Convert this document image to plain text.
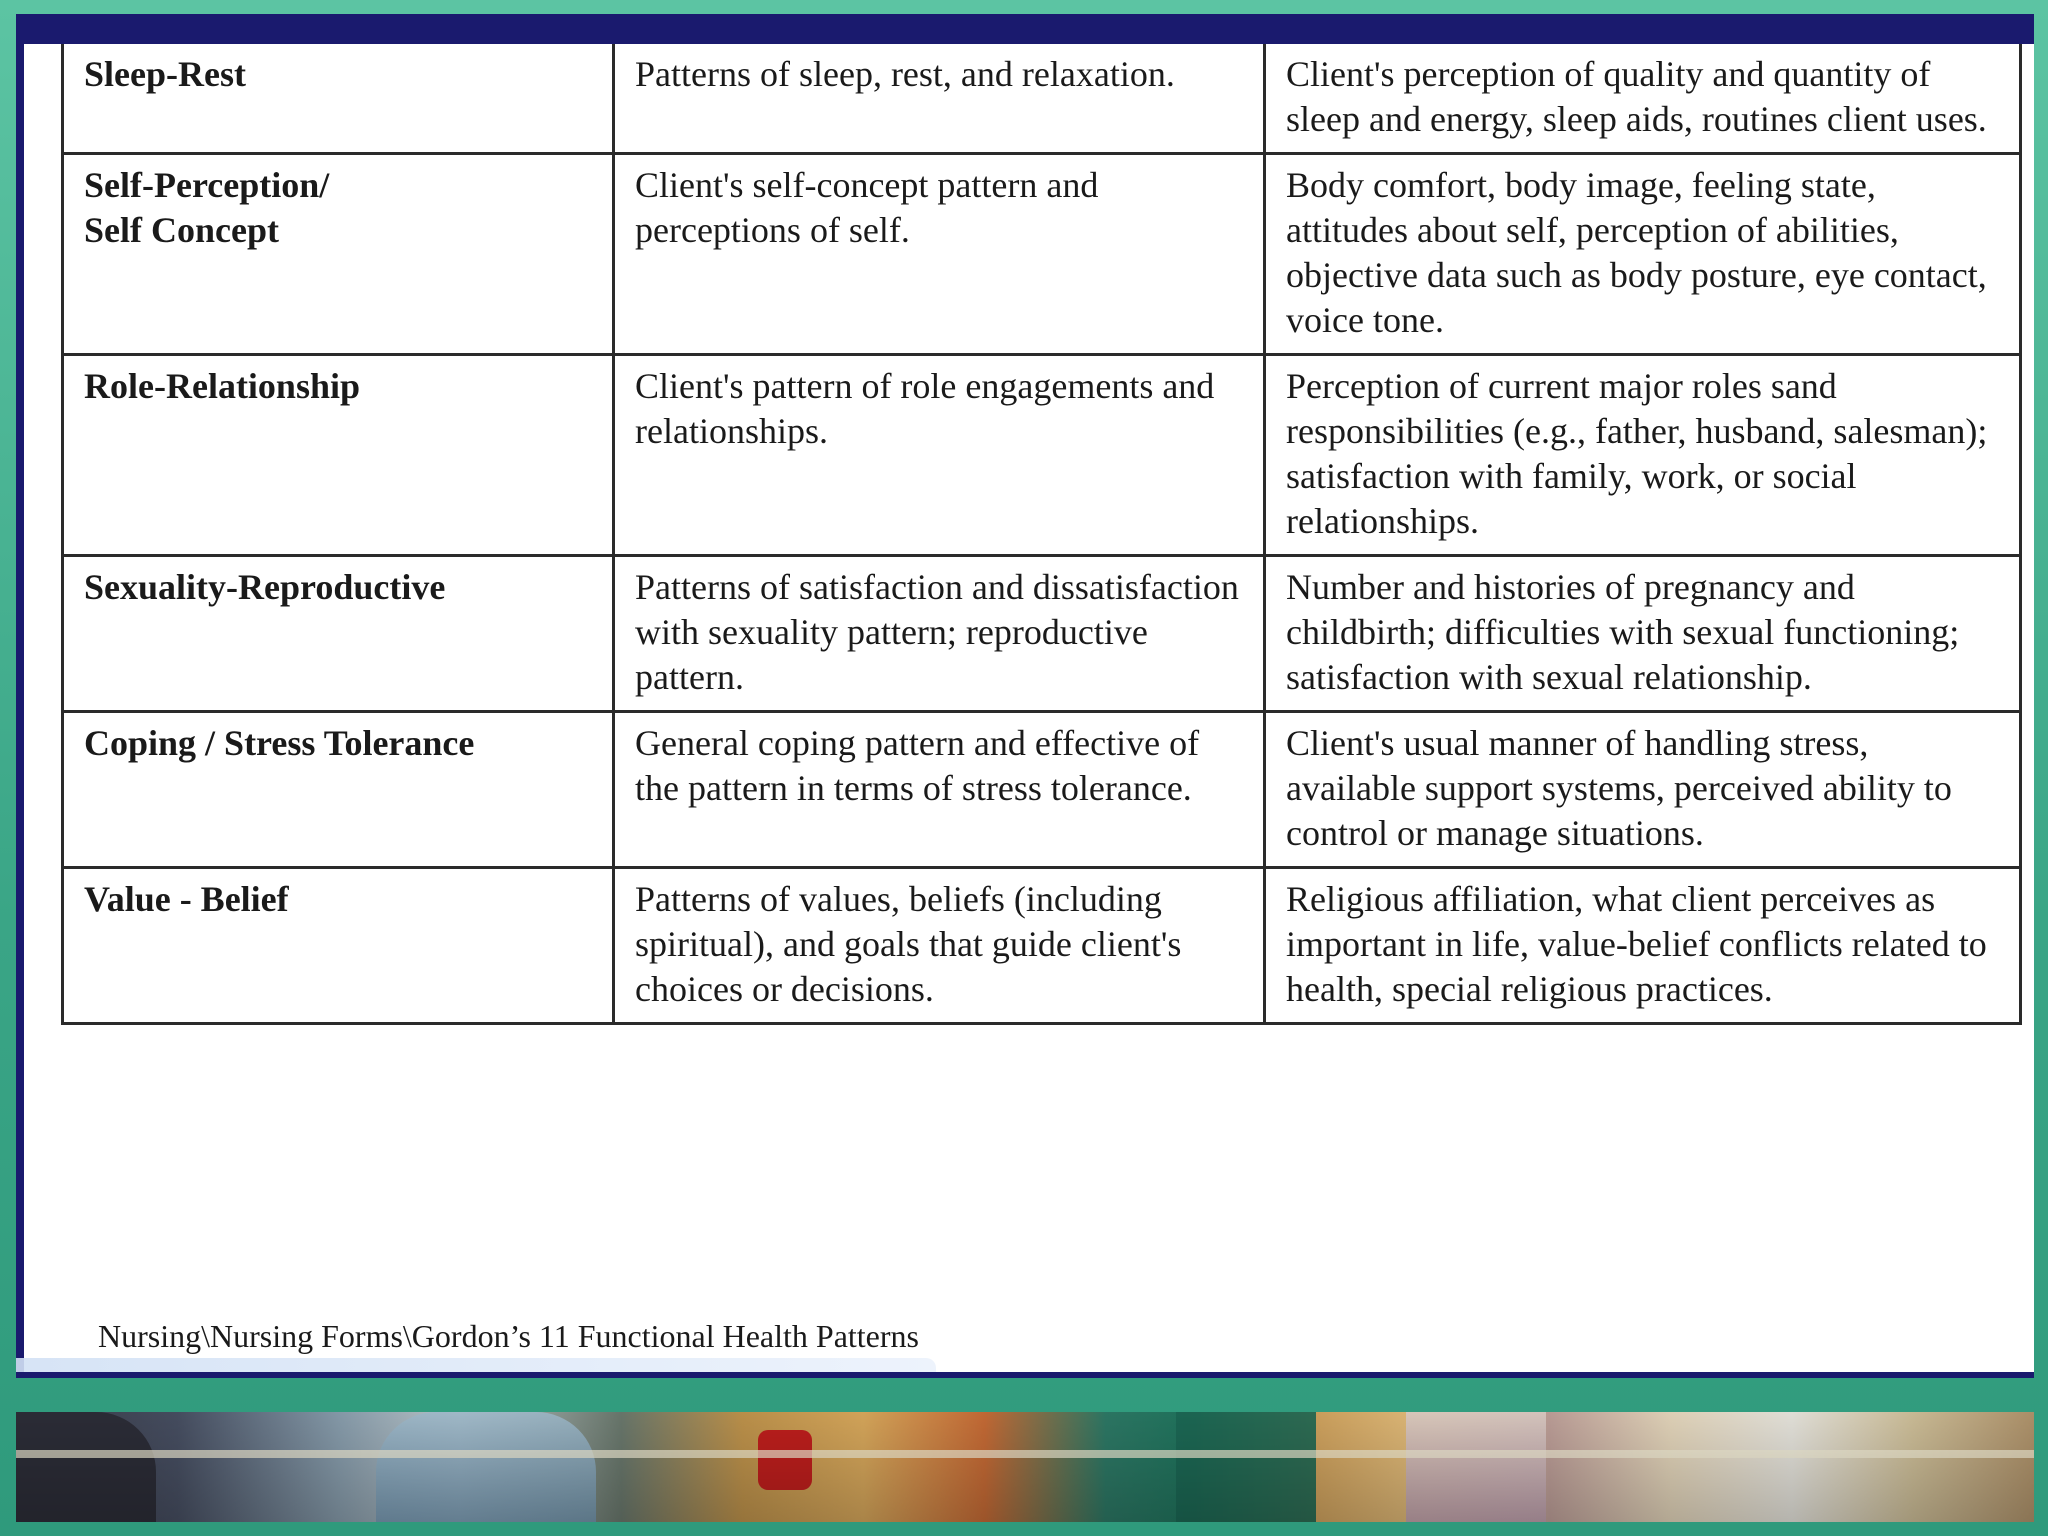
Sleep-Rest	Patterns of sleep, rest, and relaxation.	Client's perception of quality and quantity of sleep and energy, sleep aids, routines client uses.

Self-Perception/
Self Concept	Client's self-concept pattern and perceptions of self.	Body comfort, body image, feeling state, attitudes about self, perception of abilities, objective data such as body posture, eye contact, voice tone.

Role-Relationship	Client's pattern of role engagements and relationships.	Perception of current major roles sand responsibilities (e.g., father, husband, salesman); satisfaction with family, work, or social relationships.

Sexuality-Reproductive	Patterns of satisfaction and dissatisfaction with sexuality pattern; reproductive pattern.	Number and histories of pregnancy and childbirth; difficulties with sexual functioning; satisfaction with sexual relationship.

Coping / Stress Tolerance	General coping pattern and effective of the pattern in terms of stress tolerance.	Client's usual manner of handling stress, available support systems, perceived ability to control or manage situations.

Value - Belief	Patterns of values, beliefs (including spiritual), and goals that guide client's choices or decisions.	Religious affiliation, what client perceives as important in life, value-belief conflicts related to health, special religious practices.
Nursing\Nursing Forms\Gordon’s 11 Functional Health Patterns
